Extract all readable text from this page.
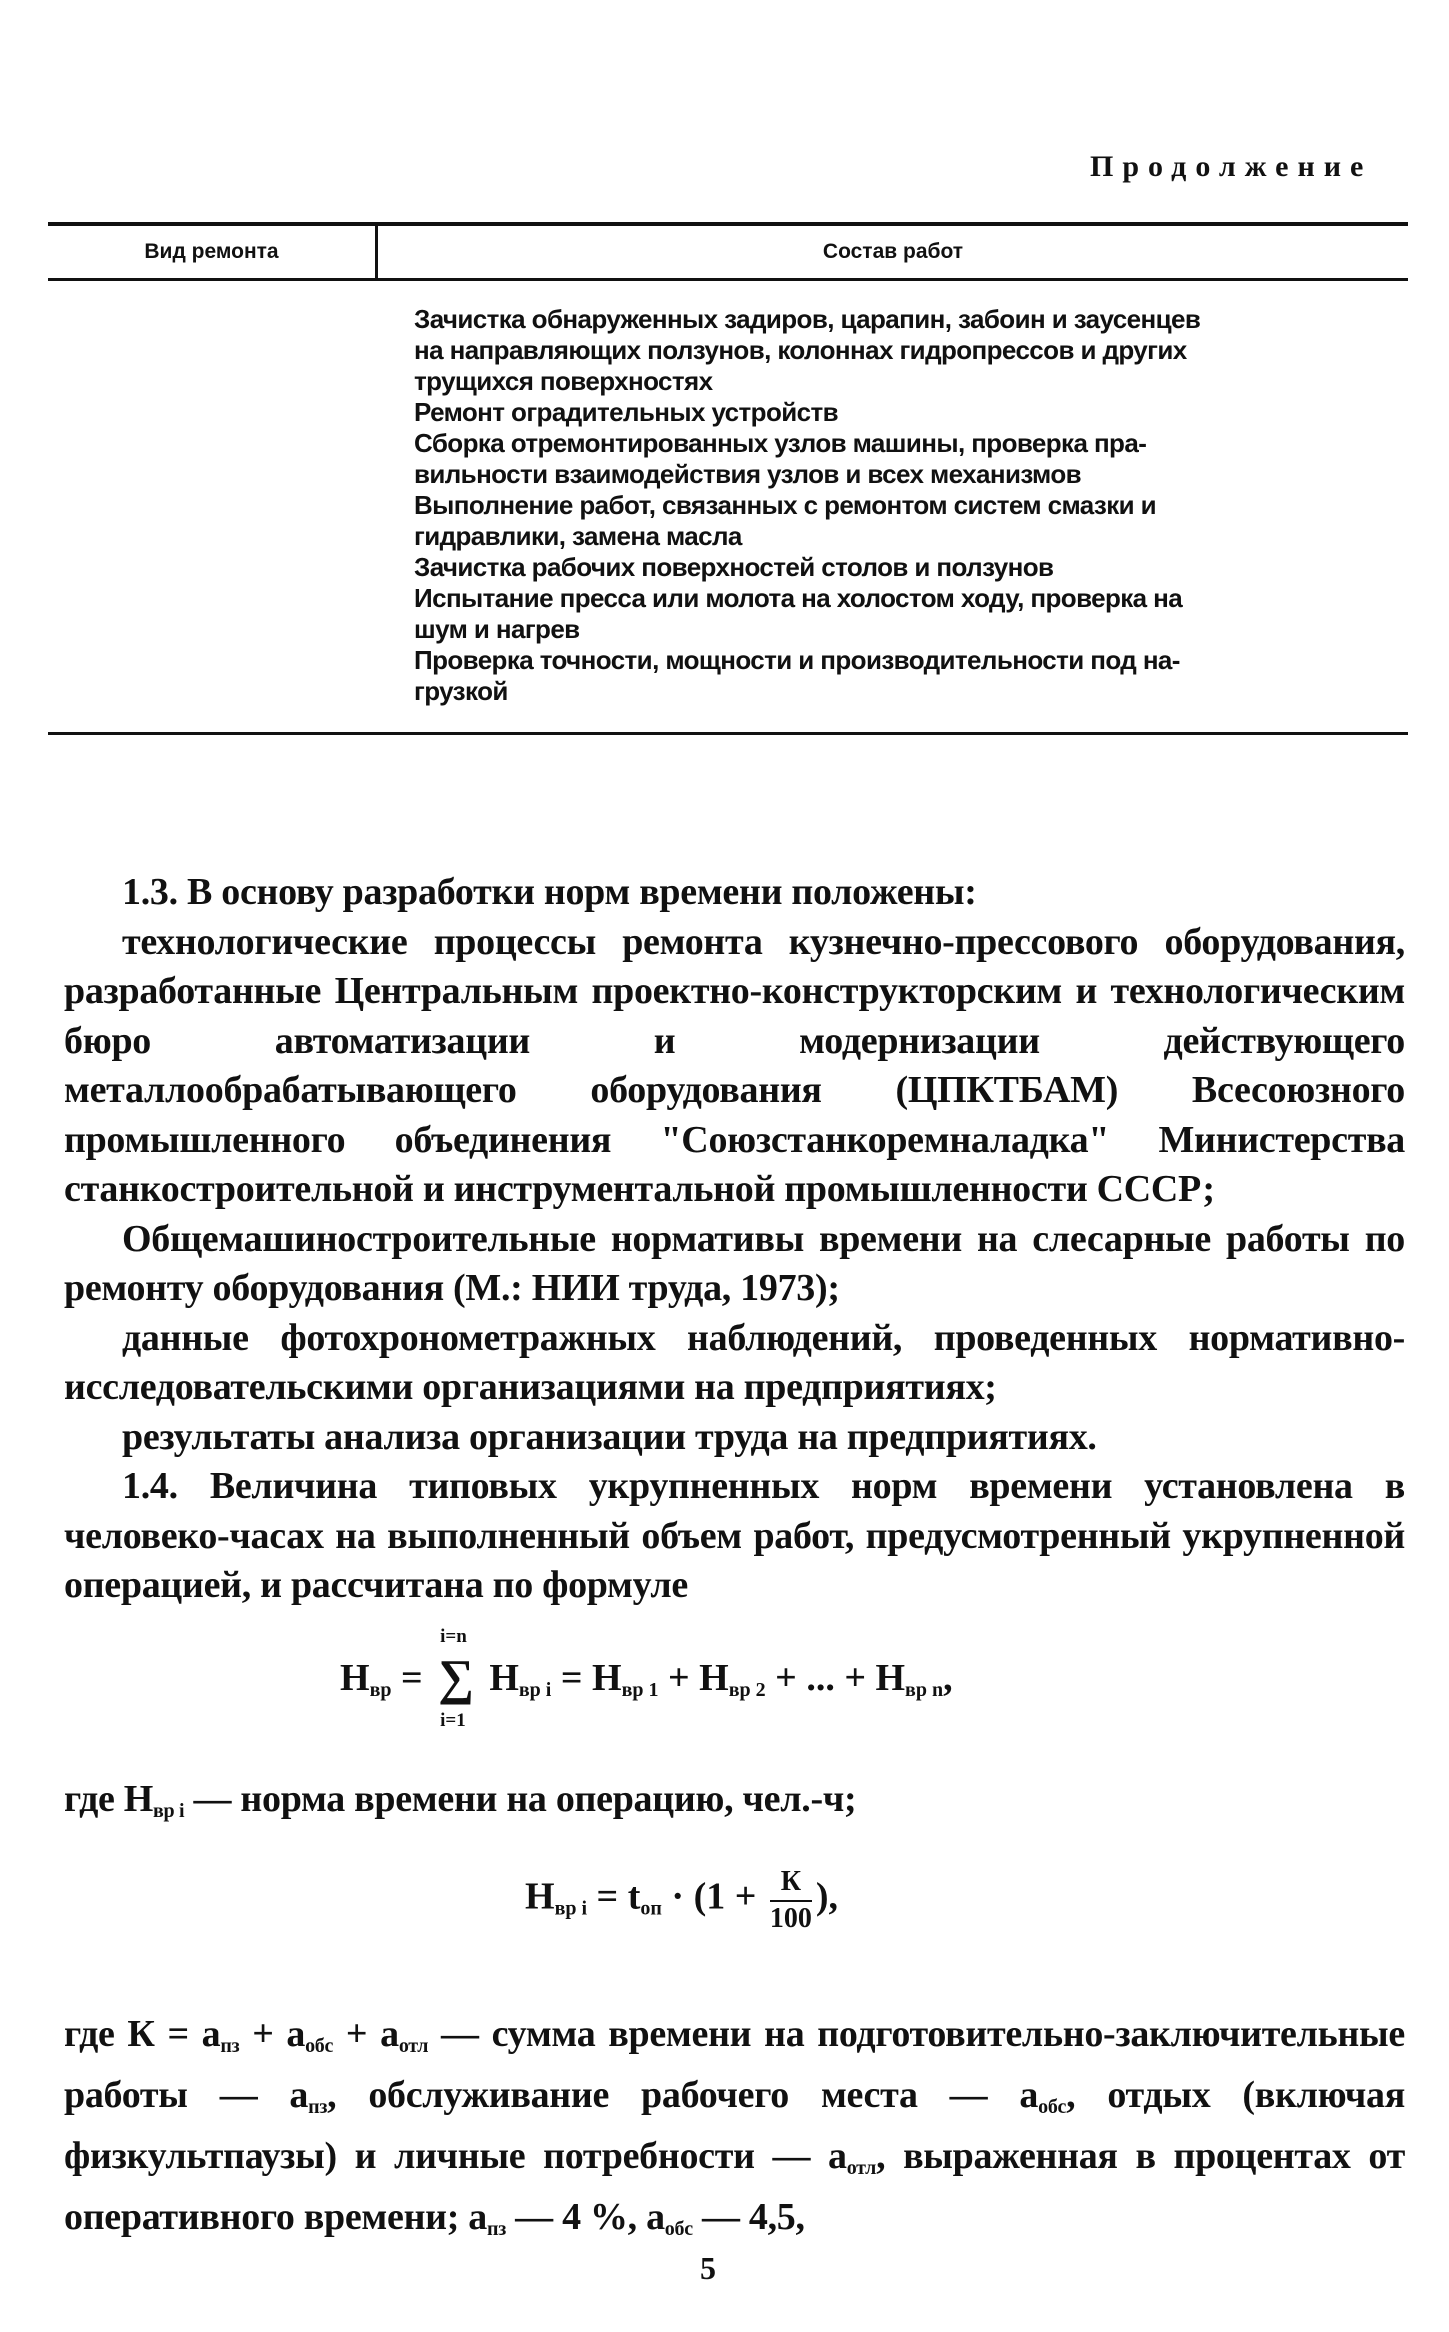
Продолжение
Вид ремонта	Состав работ
Зачистка обнаруженных задиров, царапин, забоин и заусенцев
на направляющих ползунов, колоннах гидропрессов и других
трущихся поверхностях
Ремонт оградительных устройств
Сборка отремонтированных узлов машины, проверка пра-
вильности взаимодействия узлов и всех механизмов
Выполнение работ, связанных с ремонтом систем смазки и
гидравлики, замена масла
Зачистка рабочих поверхностей столов и ползунов
Испытание пресса или молота на холостом ходу, проверка на
шум и нагрев
Проверка точности, мощности и производительности под на-
грузкой

1.3. В основу разработки норм времени положены:

технологические процессы ремонта кузнечно-прессового оборудования, разработанные Центральным проектно-конструкторским и технологическим бюро автоматизации и модернизации действующего металлообрабатывающего оборудования (ЦПКТБАМ) Всесоюзного промышленного объединения "Союзстанкоремналадка" Министерства станкостроительной и инструментальной промышленности СССР;

Общемашиностроительные нормативы времени на слесарные работы по ремонту оборудования (М.: НИИ труда, 1973);

данные фотохронометражных наблюдений, проведенных нормативно-исследовательскими организациями на предприятиях;

результаты анализа организации труда на предприятиях.

1.4. Величина типовых укрупненных норм времени установлена в человеко-часах на выполненный объем работ, предусмотренный укрупненной операцией, и рассчитана по формуле

$Н_{вр}$ = ∑
i=n
i=1
$Н_{вр i} = Н_{вр 1} + Н_{вр 2}$ + ... + $Н_{вр n}$,

где $Н_{вр i}$ — норма времени на операцию, чел.-ч;

$Н_{вр i} = t_{оп} \cdot (1 + \frac{К}{100}$ ),

где $К = а_{пз} + а_{обс} + а_{отл}$ — сумма времени на подготовительно-заключительные работы — $а_{пз}$, обслуживание рабочего места — $а_{обс}$, отдых (включая физкультпаузы) и личные потребности — $а_{отл}$, выраженная в процентах от оперативного времени; $а_{пз}$ — 4 %, $а_{обс}$ — 4,5,

5
